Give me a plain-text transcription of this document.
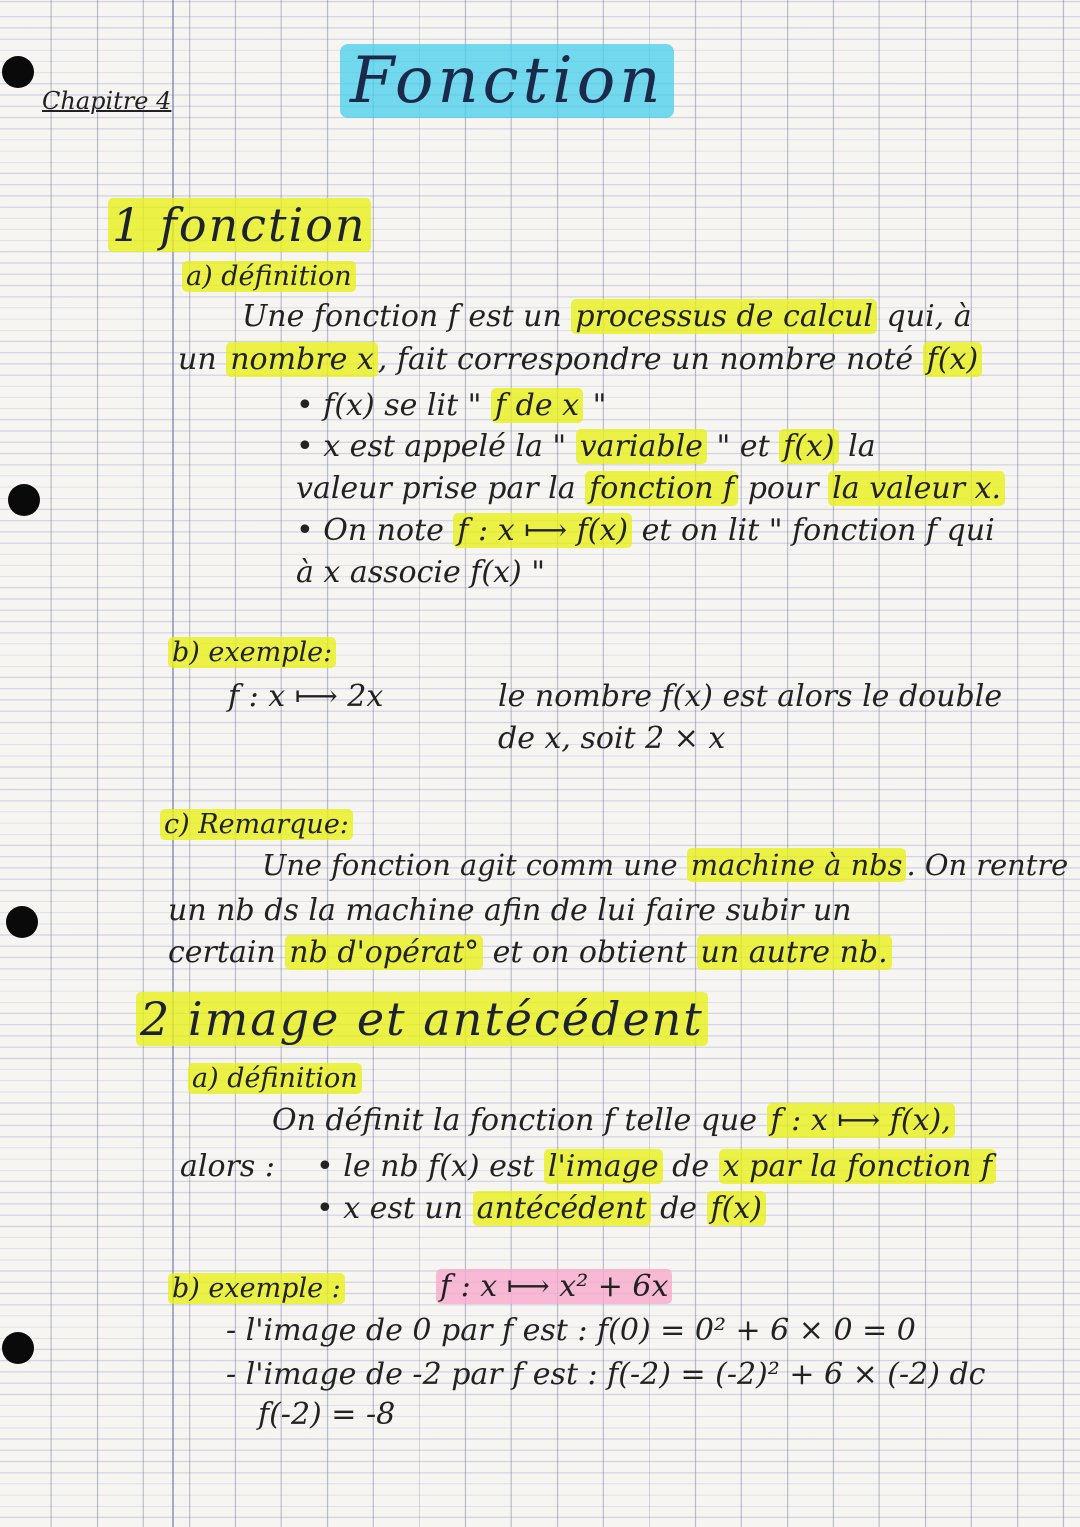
Chapitre 4	Fonction
1 fonction
a) définition
Une fonction f est un processus de calcul qui, à
un nombre x , fait correspondre un nombre noté f(x)
• f(x) se lit " f de x "
• x est appelé la " variable " et f(x) la
valeur prise par la fonction f pour la valeur x.
• On note f : x ⟼ f(x) et on lit " fonction f qui
à x associe f(x) "
b) exemple:
f : x ⟼ 2x	le nombre f(x) est alors le double
de x, soit 2 × x
c) Remarque:
Une fonction agit comm une machine à nbs . On rentre
un nb ds la machine afin de lui faire subir un
certain nb d'opérat° et on obtient un autre nb.
2 image et antécédent
a) définition
On définit la fonction f telle que f : x ⟼ f(x),
alors : • le nb f(x) est l'image de x par la fonction f
• x est un antécédent de f(x)
b) exemple :	f : x ⟼ x² + 6x
- l'image de 0 par f est : f(0) = 0² + 6 × 0 = 0
- l'image de -2 par f est : f(-2) = (-2)² + 6 × (-2) dc
f(-2) = -8
